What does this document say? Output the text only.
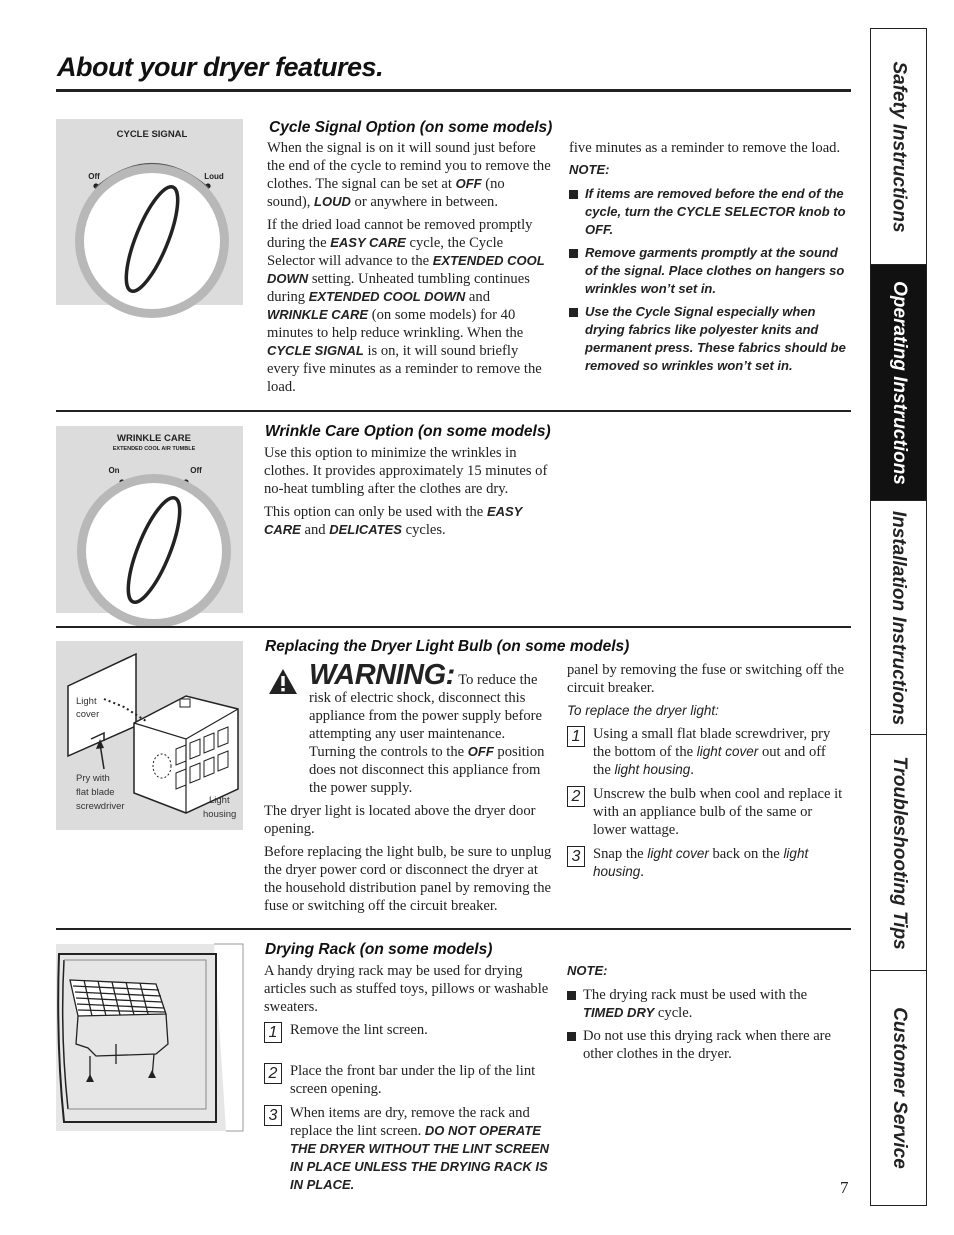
About your dryer features.	Safety Instructions
Operating Instructions
Installation Instructions
Troubleshooting Tips
Customer Service
CYCLE SIGNAL
Off	Loud
Cycle Signal Option (on some models)

When the signal is on it will sound just before the end of the cycle to remind you to remove the clothes. The signal can be set at OFF (no sound), LOUD or anywhere in between.

If the dried load cannot be removed promptly during the EASY CARE cycle, the Cycle Selector will advance to the EXTENDED COOL DOWN setting. Unheated tumbling continues during EXTENDED COOL DOWN and WRINKLE CARE (on some models) for 40 minutes to help reduce wrinkling. When the CYCLE SIGNAL is on, it will sound briefly every five minutes as a reminder to remove the load.

five minutes as a reminder to remove the load.

NOTE:
If items are removed before the end of the cycle, turn the CYCLE SELECTOR knob to OFF.
Remove garments promptly at the sound of the signal. Place clothes on hangers so wrinkles won’t set in.
Use the Cycle Signal especially when drying fabrics like polyester knits and permanent press. These fabrics should be removed so wrinkles won’t set in.
WRINKLE CARE
EXTENDED COOL AIR TUMBLE
On	Off
Wrinkle Care Option (on some models)

Use this option to minimize the wrinkles in clothes. It provides approximately 15 minutes of no-heat tumbling after the clothes are dry.

This option can only be used with the EASY CARE and DELICATES cycles.

Light
cover
Pry with
flat blade
screwdriver
Light
housing
Replacing the Dryer Light Bulb (on some models)

WARNING: To reduce the risk of electric shock, disconnect this appliance from the power supply before attempting any user maintenance. Turning the controls to the OFF position does not disconnect this appliance from the power supply.

The dryer light is located above the dryer door opening.

Before replacing the light bulb, be sure to unplug the dryer power cord or disconnect the dryer at the household distribution panel by removing the fuse or switching off the circuit breaker.

panel by removing the fuse or switching off the circuit breaker.

To replace the dryer light:

1 Using a small flat blade screwdriver, pry the bottom of the light cover out and off the light housing.
2 Unscrew the bulb when cool and replace it with an appliance bulb of the same or lower wattage.
3 Snap the light cover back on the light housing.
Drying Rack (on some models)

A handy drying rack may be used for drying articles such as stuffed toys, pillows or washable sweaters.

1 Remove the lint screen.
2 Place the front bar under the lip of the lint screen opening.
3 When items are dry, remove the rack and replace the lint screen. DO NOT OPERATE THE DRYER WITHOUT THE LINT SCREEN IN PLACE UNLESS THE DRYING RACK IS IN PLACE.
NOTE:
The drying rack must be used with the TIMED DRY cycle.
Do not use this drying rack when there are other clothes in the dryer.
7
